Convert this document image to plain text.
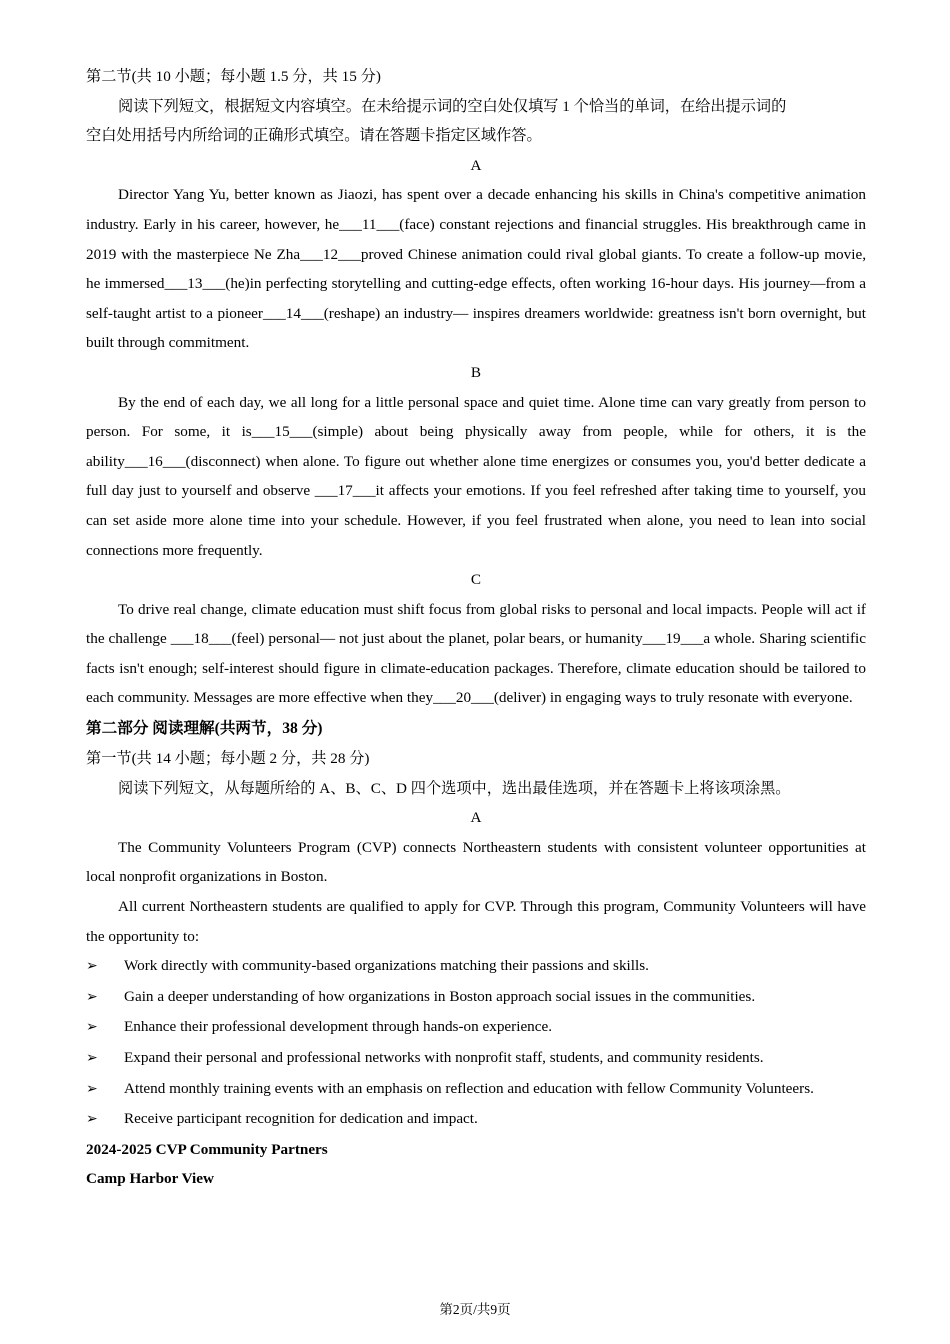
第二节(共 10 小题；每小题 1.5 分，共 15 分)
阅读下列短文，根据短文内容填空。在未给提示词的空白处仅填写 1 个恰当的单词，在给出提示词的
空白处用括号内所给词的正确形式填空。请在答题卡指定区域作答。
A
Director Yang Yu, better known as Jiaozi, has spent over a decade enhancing his skills in China's competitive animation industry. Early in his career, however, he___11___(face) constant rejections and financial struggles. His breakthrough came in 2019 with the masterpiece Ne Zha___12___proved Chinese animation could rival global giants. To create a follow-up movie, he immersed___13___(he)in perfecting storytelling and cutting-edge effects, often working 16-hour days. His journey—from a self-taught artist to a pioneer___14___(reshape) an industry— inspires dreamers worldwide: greatness isn't born overnight, but built through commitment.
B
By the end of each day, we all long for a little personal space and quiet time. Alone time can vary greatly from person to person. For some, it is___15___(simple) about being physically away from people, while for others, it is the ability___16___(disconnect) when alone. To figure out whether alone time energizes or consumes you, you'd better dedicate a full day just to yourself and observe ___17___it affects your emotions. If you feel refreshed after taking time to yourself, you can set aside more alone time into your schedule. However, if you feel frustrated when alone, you need to lean into social connections more frequently.
C
To drive real change, climate education must shift focus from global risks to personal and local impacts. People will act if the challenge ___18___(feel) personal— not just about the planet, polar bears, or humanity___19___a whole. Sharing scientific facts isn't enough; self-interest should figure in climate-education packages. Therefore, climate education should be tailored to each community. Messages are more effective when they___20___(deliver) in engaging ways to truly resonate with everyone.
第二部分 阅读理解(共两节，38 分)
第一节(共 14 小题；每小题 2 分，共 28 分)
阅读下列短文，从每题所给的 A、B、C、D 四个选项中，选出最佳选项，并在答题卡上将该项涂黑。
A
The Community Volunteers Program (CVP) connects Northeastern students with consistent volunteer opportunities at local nonprofit organizations in Boston.
All current Northeastern students are qualified to apply for CVP. Through this program, Community Volunteers will have the opportunity to:
➢	Work directly with community-based organizations matching their passions and skills.
➢	Gain a deeper understanding of how organizations in Boston approach social issues in the communities.
➢	Enhance their professional development through hands-on experience.
➢	Expand their personal and professional networks with nonprofit staff, students, and community residents.
➢	Attend monthly training events with an emphasis on reflection and education with fellow Community Volunteers.
➢	Receive participant recognition for dedication and impact.
2024-2025 CVP Community Partners
Camp Harbor View
第2页/共9页
